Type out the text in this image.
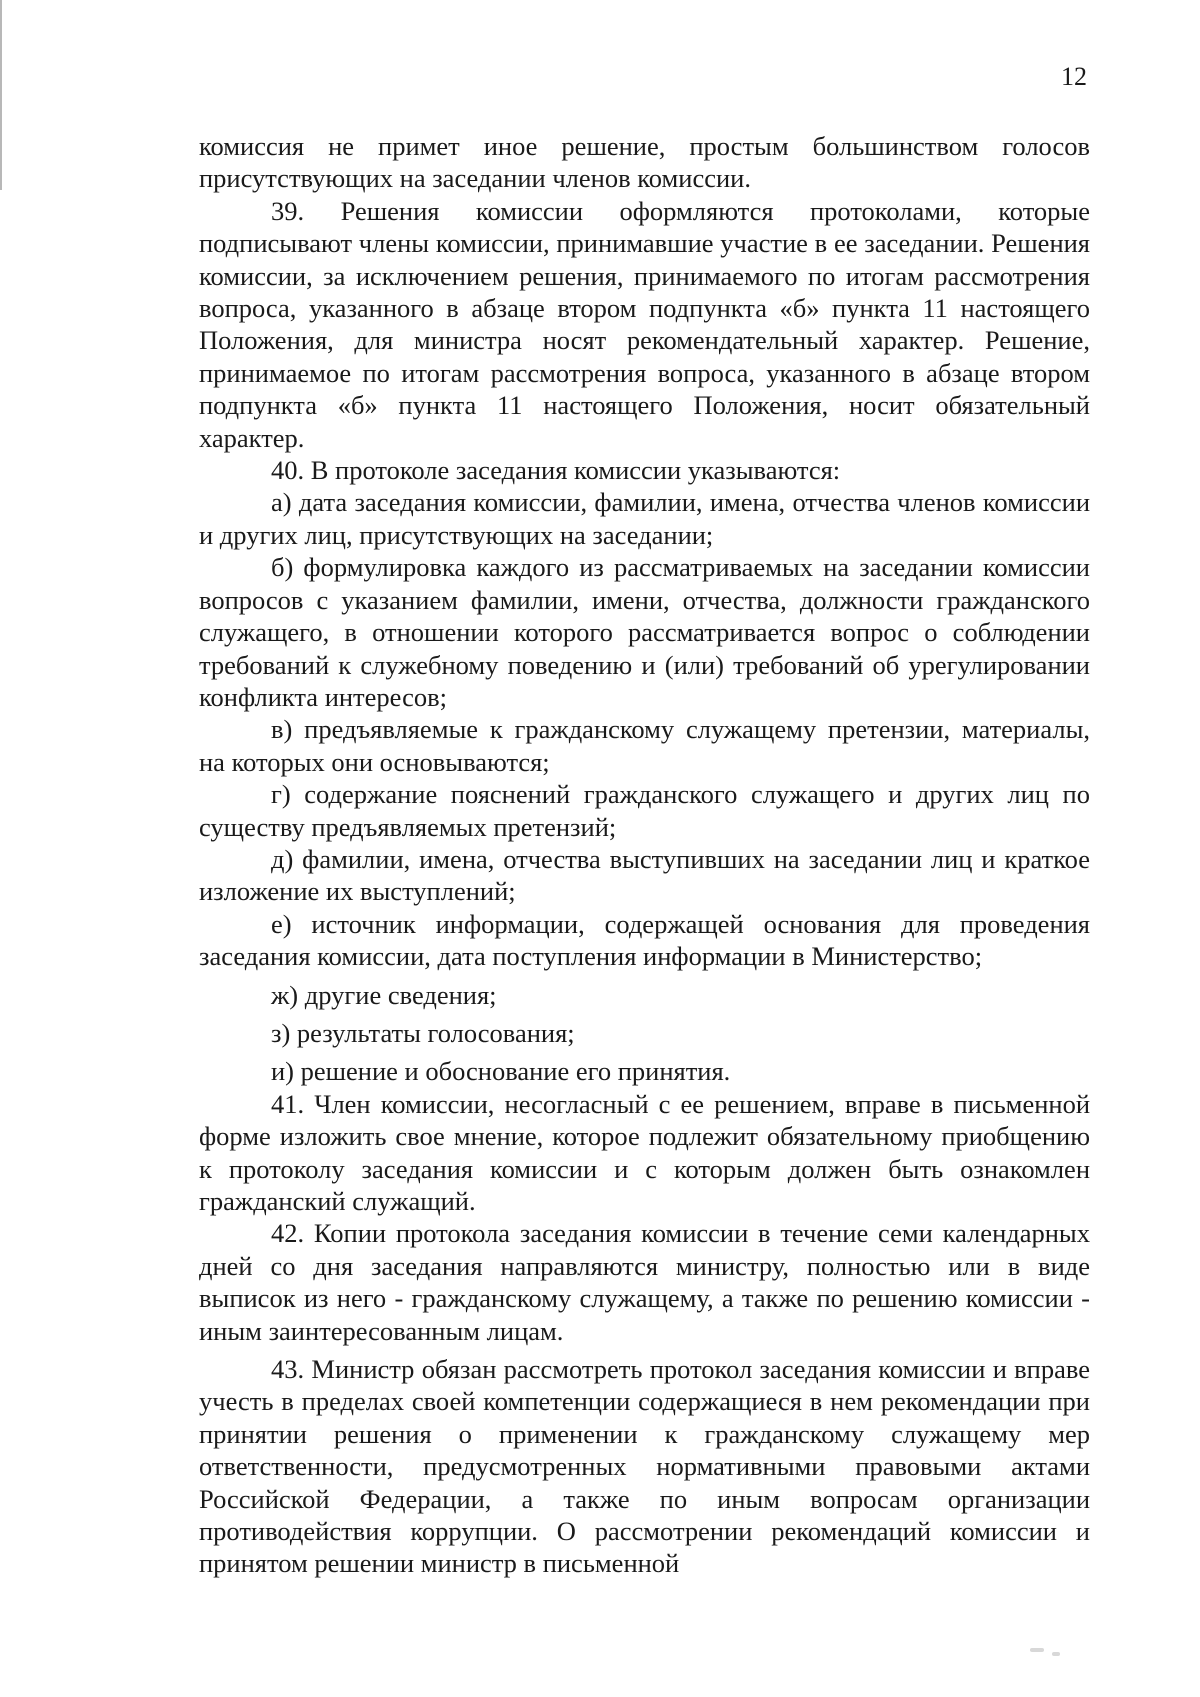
12

комиссия не примет иное решение, простым большинством голосов присутствующих на заседании членов комиссии.

39. Решения комиссии оформляются протоколами, которые подписывают члены комиссии, принимавшие участие в ее заседании. Решения комиссии, за исключением решения, принимаемого по итогам рассмотрения вопроса, указанного в абзаце втором подпункта «б» пункта 11 настоящего Положения, для министра носят рекомендательный характер. Решение, принимаемое по итогам рассмотрения вопроса, указанного в абзаце втором подпункта «б» пункта 11 настоящего Положения, носит обязательный характер.

40. В протоколе заседания комиссии указываются:

а) дата заседания комиссии, фамилии, имена, отчества членов комиссии и других лиц, присутствующих на заседании;

б) формулировка каждого из рассматриваемых на заседании комиссии вопросов с указанием фамилии, имени, отчества, должности гражданского служащего, в отношении которого рассматривается вопрос о соблюдении требований к служебному поведению и (или) требований об урегулировании конфликта интересов;

в) предъявляемые к гражданскому служащему претензии, материалы, на которых они основываются;

г) содержание пояснений гражданского служащего и других лиц по существу предъявляемых претензий;

д) фамилии, имена, отчества выступивших на заседании лиц и краткое изложение их выступлений;

е) источник информации, содержащей основания для проведения заседания комиссии, дата поступления информации в Министерство;

ж) другие сведения;

з) результаты голосования;

и) решение и обоснование его принятия.

41. Член комиссии, несогласный с ее решением, вправе в письменной форме изложить свое мнение, которое подлежит обязательному приобщению к протоколу заседания комиссии и с которым должен быть ознакомлен гражданский служащий.

42. Копии протокола заседания комиссии в течение семи календарных дней со дня заседания направляются министру, полностью или в виде выписок из него - гражданскому служащему, а также по решению комиссии - иным заинтересованным лицам.

43. Министр обязан рассмотреть протокол заседания комиссии и вправе учесть в пределах своей компетенции содержащиеся в нем рекомендации при принятии решения о применении к гражданскому служащему мер ответственности, предусмотренных нормативными правовыми актами Российской Федерации, а также по иным вопросам организации противодействия коррупции. О рассмотрении рекомендаций комиссии и принятом решении министр в письменной
